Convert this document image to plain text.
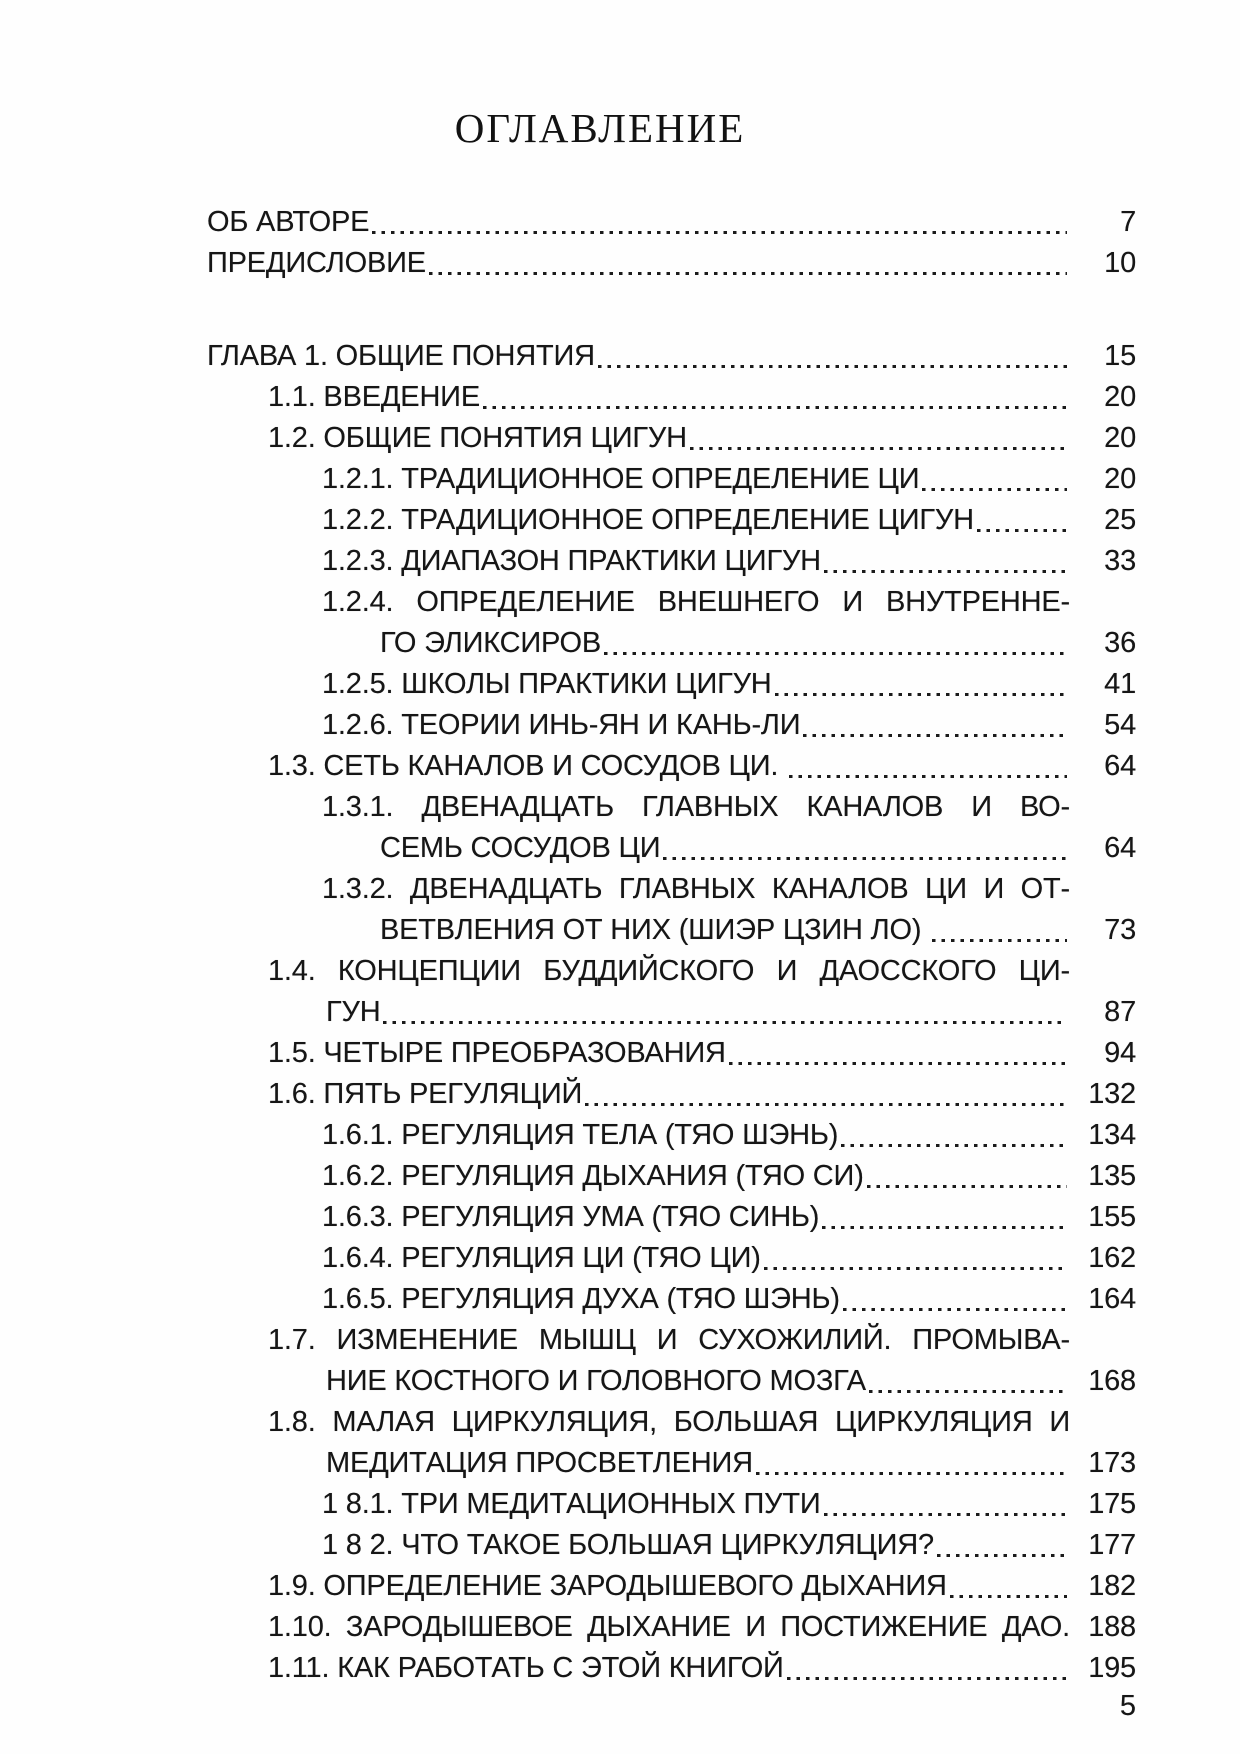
ОГЛАВЛЕНИЕ
ОБ АВТОРЕ	7
ПРЕДИСЛОВИЕ	10
ГЛАВА 1. ОБЩИЕ ПОНЯТИЯ	15
1.1. ВВЕДЕНИЕ	20
1.2. ОБЩИЕ ПОНЯТИЯ ЦИГУН	20
1.2.1. ТРАДИЦИОННОЕ ОПРЕДЕЛЕНИЕ ЦИ	20
1.2.2. ТРАДИЦИОННОЕ ОПРЕДЕЛЕНИЕ ЦИГУН	25
1.2.3. ДИАПАЗОН ПРАКТИКИ ЦИГУН	33
1.2.4. ОПРЕДЕЛЕНИЕ ВНЕШНЕГО И ВНУТРЕННЕ-
ГО ЭЛИКСИРОВ	36
1.2.5. ШКОЛЫ ПРАКТИКИ ЦИГУН	41
1.2.6. ТЕОРИИ ИНЬ-ЯН И КАНЬ-ЛИ	54
1.3. СЕТЬ КАНАЛОВ И СОСУДОВ ЦИ.	64
1.3.1. ДВЕНАДЦАТЬ ГЛАВНЫХ КАНАЛОВ И ВО-
СЕМЬ СОСУДОВ ЦИ	64
1.3.2. ДВЕНАДЦАТЬ ГЛАВНЫХ КАНАЛОВ ЦИ И ОТ-
ВЕТВЛЕНИЯ ОТ НИХ (ШИЭР ЦЗИН ЛО)	73
1.4. КОНЦЕПЦИИ БУДДИЙСКОГО И ДАОССКОГО ЦИ-
ГУН	87
1.5. ЧЕТЫРЕ ПРЕОБРАЗОВАНИЯ	94
1.6. ПЯТЬ РЕГУЛЯЦИЙ	132
1.6.1. РЕГУЛЯЦИЯ ТЕЛА (ТЯО ШЭНЬ)	134
1.6.2. РЕГУЛЯЦИЯ ДЫХАНИЯ (ТЯО СИ)	135
1.6.3. РЕГУЛЯЦИЯ УМА (ТЯО СИНЬ)	155
1.6.4. РЕГУЛЯЦИЯ ЦИ (ТЯО ЦИ)	162
1.6.5. РЕГУЛЯЦИЯ ДУХА (ТЯО ШЭНЬ)	164
1.7. ИЗМЕНЕНИЕ МЫШЦ И СУХОЖИЛИЙ. ПРОМЫВА-
НИЕ КОСТНОГО И ГОЛОВНОГО МОЗГА	168
1.8. МАЛАЯ ЦИРКУЛЯЦИЯ, БОЛЬШАЯ ЦИРКУЛЯЦИЯ И
МЕДИТАЦИЯ ПРОСВЕТЛЕНИЯ	173
1 8.1. ТРИ МЕДИТАЦИОННЫХ ПУТИ	175
1 8 2. ЧТО ТАКОЕ БОЛЬШАЯ ЦИРКУЛЯЦИЯ?	177
1.9. ОПРЕДЕЛЕНИЕ ЗАРОДЫШЕВОГО ДЫХАНИЯ	182
1.10. ЗАРОДЫШЕВОЕ ДЫХАНИЕ И ПОСТИЖЕНИЕ ДАО. 188
1.11. КАК РАБОТАТЬ С ЭТОЙ КНИГОЙ	195
5
